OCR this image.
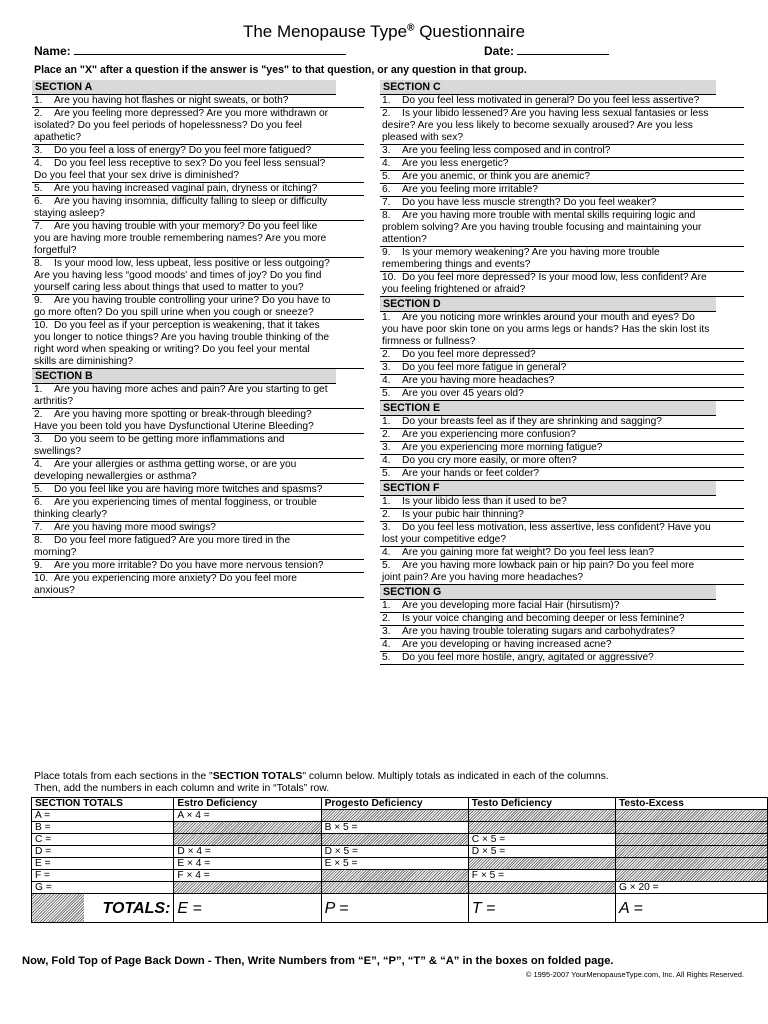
The Menopause Type® Questionnaire
Name:	Date:
Place an "X" after a question if the answer is "yes" to that question, or any question in that group.
SECTION A
1. Are you having hot flashes or night sweats, or both?
2. Are you feeling more depressed? Are you more withdrawn or isolated? Do you feel periods of hopelessness? Do you feel apathetic?
3. Do you feel a loss of energy? Do you feel more fatigued?
4. Do you feel less receptive to sex? Do you feel less sensual? Do you feel that your sex drive is diminished?
5. Are you having increased vaginal pain, dryness or itching?
6. Are you having insomnia, difficulty falling to sleep or difficulty staying asleep?
7. Are you having trouble with your memory? Do you feel like you are having more trouble remembering names? Are you more forgetful?
8. Is your mood low, less upbeat, less positive or less outgoing? Are you having less “good moods' and times of joy? Do you find yourself caring less about things that used to matter to you?
9. Are you having trouble controlling your urine? Do you have to go more often? Do you spill urine when you cough or sneeze?
10. Do you feel as if your perception is weakening, that it takes you longer to notice things? Are you having trouble thinking of the right word when speaking or writing? Do you feel your mental skills are diminishing?
SECTION B
1. Are you having more aches and pain? Are you starting to get arthritis?
2. Are you having more spotting or break-through bleeding? Have you been told you have Dysfunctional Uterine Bleeding?
3. Do you seem to be getting more inflammations and swellings?
4. Are your allergies or asthma getting worse, or are you developing newallergies or asthma?
5. Do you feel like you are having more twitches and spasms?
6. Are you experiencing times of mental fogginess, or trouble thinking clearly?
7. Are you having more mood swings?
8. Do you feel more fatigued? Are you more tired in the morning?
9. Are you more irritable? Do you have more nervous tension?
10. Are you experiencing more anxiety? Do you feel more anxious?
SECTION C
1. Do you feel less motivated in general? Do you feel less assertive?
2. Is your libido lessened? Are you having less sexual fantasies or less desire? Are you less likely to become sexually aroused? Are you less pleased with sex?
3. Are you feeling less composed and in control?
4. Are you less energetic?
5. Are you anemic, or think you are anemic?
6. Are you feeling more irritable?
7. Do you have less muscle strength? Do you feel weaker?
8. Are you having more trouble with mental skills requiring logic and problem solving? Are you having trouble focusing and maintaining your attention?
9. Is your memory weakening? Are you having more trouble remembering things and events?
10. Do you feel more depressed? Is your mood low, less confident? Are you feeling frightened or afraid?
SECTION D
1. Are you noticing more wrinkles around your mouth and eyes? Do you have poor skin tone on you arms legs or hands? Has the skin lost its firmness or fullness?
2. Do you feel more depressed?
3. Do you feel more fatigue in general?
4. Are you having more headaches?
5. Are you over 45 years old?
SECTION E
1. Do your breasts feel as if they are shrinking and sagging?
2. Are you experiencing more confusion?
3. Are you experiencing more morning fatigue?
4. Do you cry more easily, or more often?
5. Are your hands or feet colder?
SECTION F
1. Is your libido less than it used to be?
2. Is your pubic hair thinning?
3. Do you feel less motivation, less assertive, less confident? Have you lost your competitive edge?
4. Are you gaining more fat weight? Do you feel less lean?
5. Are you having more lowback pain or hip pain? Do you feel more joint pain? Are you having more headaches?
SECTION G
1. Are you developing more facial Hair (hirsutism)?
2. Is your voice changing and becoming deeper or less feminine?
3. Are you having trouble tolerating sugars and carbohydrates?
4. Are you developing or having increased acne?
5. Do you feel more hostile, angry, agitated or aggressive?
Place totals from each sections in the "SECTION TOTALS" column below. Multiply totals as indicated in each of the columns.
Then, add the numbers in each column and write in “Totals” row.
SECTION TOTALS	Estro Deficiency	Progesto Deficiency	Testo Deficiency	Testo-Excess
A =	A × 4 =			
B =		B × 5 =		
C =			C × 5 =	
D =	D × 4 =	D × 5 =	D × 5 =	
E =	E × 4 =	E × 5 =		
F =	F × 4 =		F × 5 =	
G =				G × 20 =
TOTALS:	E =	P =	T =	A =
Now, Fold Top of Page Back Down - Then, Write Numbers from “E”, “P”, “T” & “A” in the boxes on folded page.
© 1995-2007 YourMenopauseType.com, Inc. All Rights Reserved.
